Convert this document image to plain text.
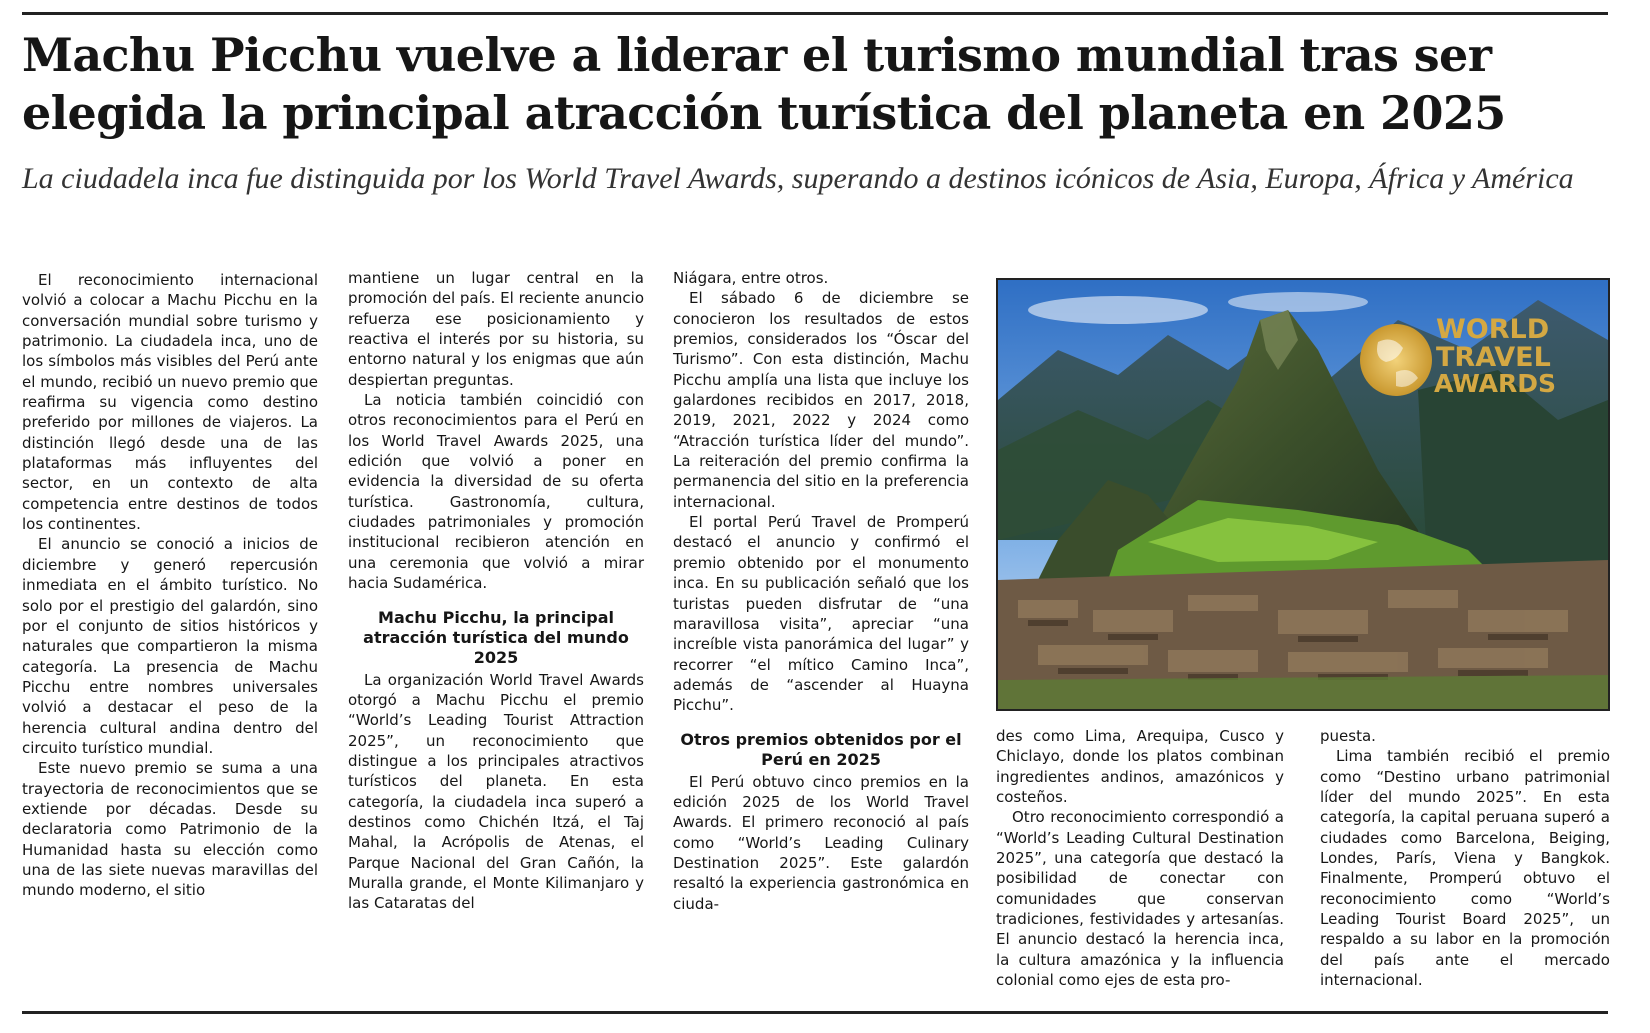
Machu Picchu vuelve a liderar el turismo mundial tras ser elegida la principal atracción turística del planeta en 2025

La ciudadela inca fue distinguida por los World Travel Awards, superando a destinos icónicos de Asia, Europa, África y América

El reconocimiento internacional volvió a colocar a Machu Picchu en la conversación mundial sobre turismo y patrimonio. La ciudadela inca, uno de los símbolos más visibles del Perú ante el mundo, recibió un nuevo premio que reafirma su vigencia como destino preferido por millones de viajeros. La distinción llegó desde una de las plataformas más influyentes del sector, en un contexto de alta competencia entre destinos de todos los continentes.

El anuncio se conoció a inicios de diciembre y generó repercusión inmediata en el ámbito turístico. No solo por el prestigio del galardón, sino por el conjunto de sitios históricos y naturales que compartieron la misma categoría. La presencia de Machu Picchu entre nombres universales volvió a destacar el peso de la herencia cultural andina dentro del circuito turístico mundial.

Este nuevo premio se suma a una trayectoria de reconocimientos que se extiende por décadas. Desde su declaratoria como Patrimonio de la Humanidad hasta su elección como una de las siete nuevas maravillas del mundo moderno, el sitio

mantiene un lugar central en la promoción del país. El reciente anuncio refuerza ese posicionamiento y reactiva el interés por su historia, su entorno natural y los enigmas que aún despiertan preguntas.

La noticia también coincidió con otros reconocimientos para el Perú en los World Travel Awards 2025, una edición que volvió a poner en evidencia la diversidad de su oferta turística. Gastronomía, cultura, ciudades patrimoniales y promoción institucional recibieron atención en una ceremonia que volvió a mirar hacia Sudamérica.

Machu Picchu, la principal atracción turística del mundo 2025

La organización World Travel Awards otorgó a Machu Picchu el premio “World’s Leading Tourist Attraction 2025”, un reconocimiento que distingue a los principales atractivos turísticos del planeta. En esta categoría, la ciudadela inca superó a destinos como Chichén Itzá, el Taj Mahal, la Acrópolis de Atenas, el Parque Nacional del Gran Cañón, la Muralla grande, el Monte Kilimanjaro y las Cataratas del

Niágara, entre otros.

El sábado 6 de diciembre se conocieron los resultados de estos premios, considerados los “Óscar del Turismo”. Con esta distinción, Machu Picchu amplía una lista que incluye los galardones recibidos en 2017, 2018, 2019, 2021, 2022 y 2024 como “Atracción turística líder del mundo”. La reiteración del premio confirma la permanencia del sitio en la preferencia internacional.

El portal Perú Travel de Promperú destacó el anuncio y confirmó el premio obtenido por el monumento inca. En su publicación señaló que los turistas pueden disfrutar de “una maravillosa visita”, apreciar “una increíble vista panorámica del lugar” y recorrer “el mítico Camino Inca”, además de “ascender al Huayna Picchu”.

Otros premios obtenidos por el Perú en 2025

El Perú obtuvo cinco premios en la edición 2025 de los World Travel Awards. El primero reconoció al país como “World’s Leading Culinary Destination 2025”. Este galardón resaltó la experiencia gastronómica en ciuda-

WORLD
TRAVEL
AWARDS

des como Lima, Arequipa, Cusco y Chiclayo, donde los platos combinan ingredientes andinos, amazónicos y costeños.

Otro reconocimiento correspondió a “World’s Leading Cultural Destination 2025”, una categoría que destacó la posibilidad de conectar con comunidades que conservan tradiciones, festividades y artesanías. El anuncio destacó la herencia inca, la cultura amazónica y la influencia colonial como ejes de esta pro-

puesta.

Lima también recibió el premio como “Destino urbano patrimonial líder del mundo 2025”. En esta categoría, la capital peruana superó a ciudades como Barcelona, Beiging, Londes, París, Viena y Bangkok. Finalmente, Promperú obtuvo el reconocimiento como “World’s Leading Tourist Board 2025”, un respaldo a su labor en la promoción del país ante el mercado internacional.
